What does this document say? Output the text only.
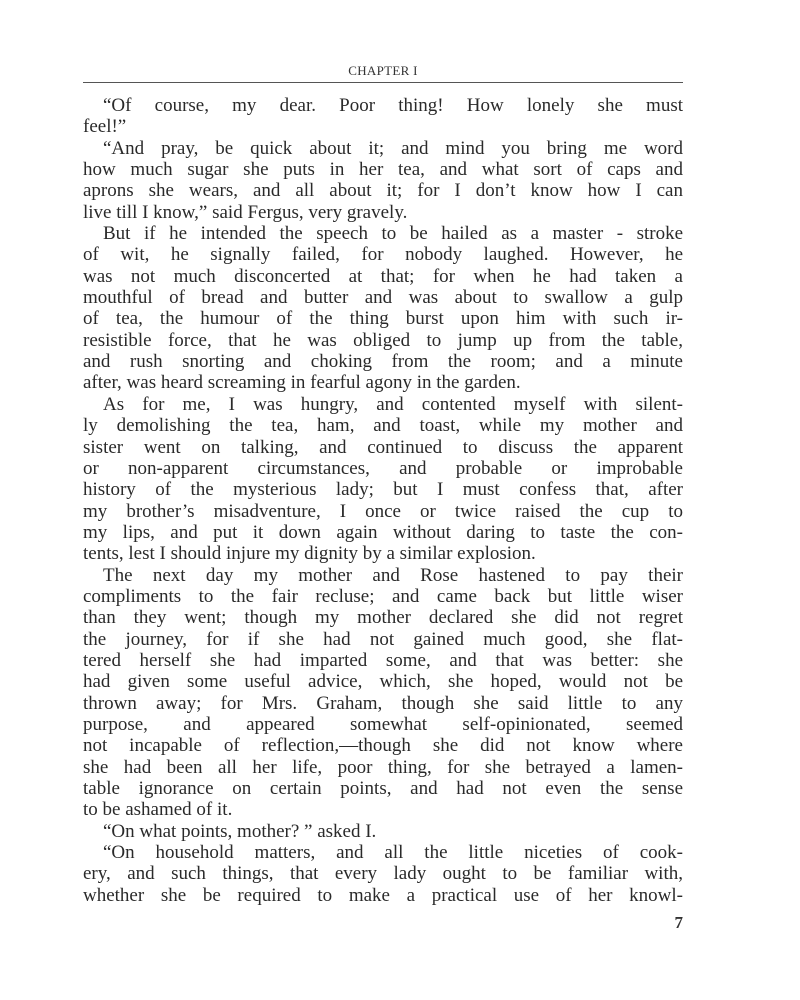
CHAPTER I
“Of course, my dear. Poor thing! How lonely she must
feel!”
“And pray, be quick about it; and mind you bring me word
how much sugar she puts in her tea, and what sort of caps and
aprons she wears, and all about it; for I don’t know how I can
live till I know,” said Fergus, very gravely.
But if he intended the speech to be hailed as a master - stroke
of wit, he signally failed, for nobody laughed. However, he
was not much disconcerted at that; for when he had taken a
mouthful of bread and butter and was about to swallow a gulp
of tea, the humour of the thing burst upon him with such ir-
resistible force, that he was obliged to jump up from the table,
and rush snorting and choking from the room; and a minute
after, was heard screaming in fearful agony in the garden.
As for me, I was hungry, and contented myself with silent-
ly demolishing the tea, ham, and toast, while my mother and
sister went on talking, and continued to discuss the apparent
or non-apparent circumstances, and probable or improbable
history of the mysterious lady; but I must confess that, after
my brother’s misadventure, I once or twice raised the cup to
my lips, and put it down again without daring to taste the con-
tents, lest I should injure my dignity by a similar explosion.
The next day my mother and Rose hastened to pay their
compliments to the fair recluse; and came back but little wiser
than they went; though my mother declared she did not regret
the journey, for if she had not gained much good, she flat-
tered herself she had imparted some, and that was better: she
had given some useful advice, which, she hoped, would not be
thrown away; for Mrs. Graham, though she said little to any
purpose, and appeared somewhat self-opinionated, seemed
not incapable of reflection,—though she did not know where
she had been all her life, poor thing, for she betrayed a lamen-
table ignorance on certain points, and had not even the sense
to be ashamed of it.
“On what points, mother? ” asked I.
“On household matters, and all the little niceties of cook-
ery, and such things, that every lady ought to be familiar with,
whether she be required to make a practical use of her knowl-
7
